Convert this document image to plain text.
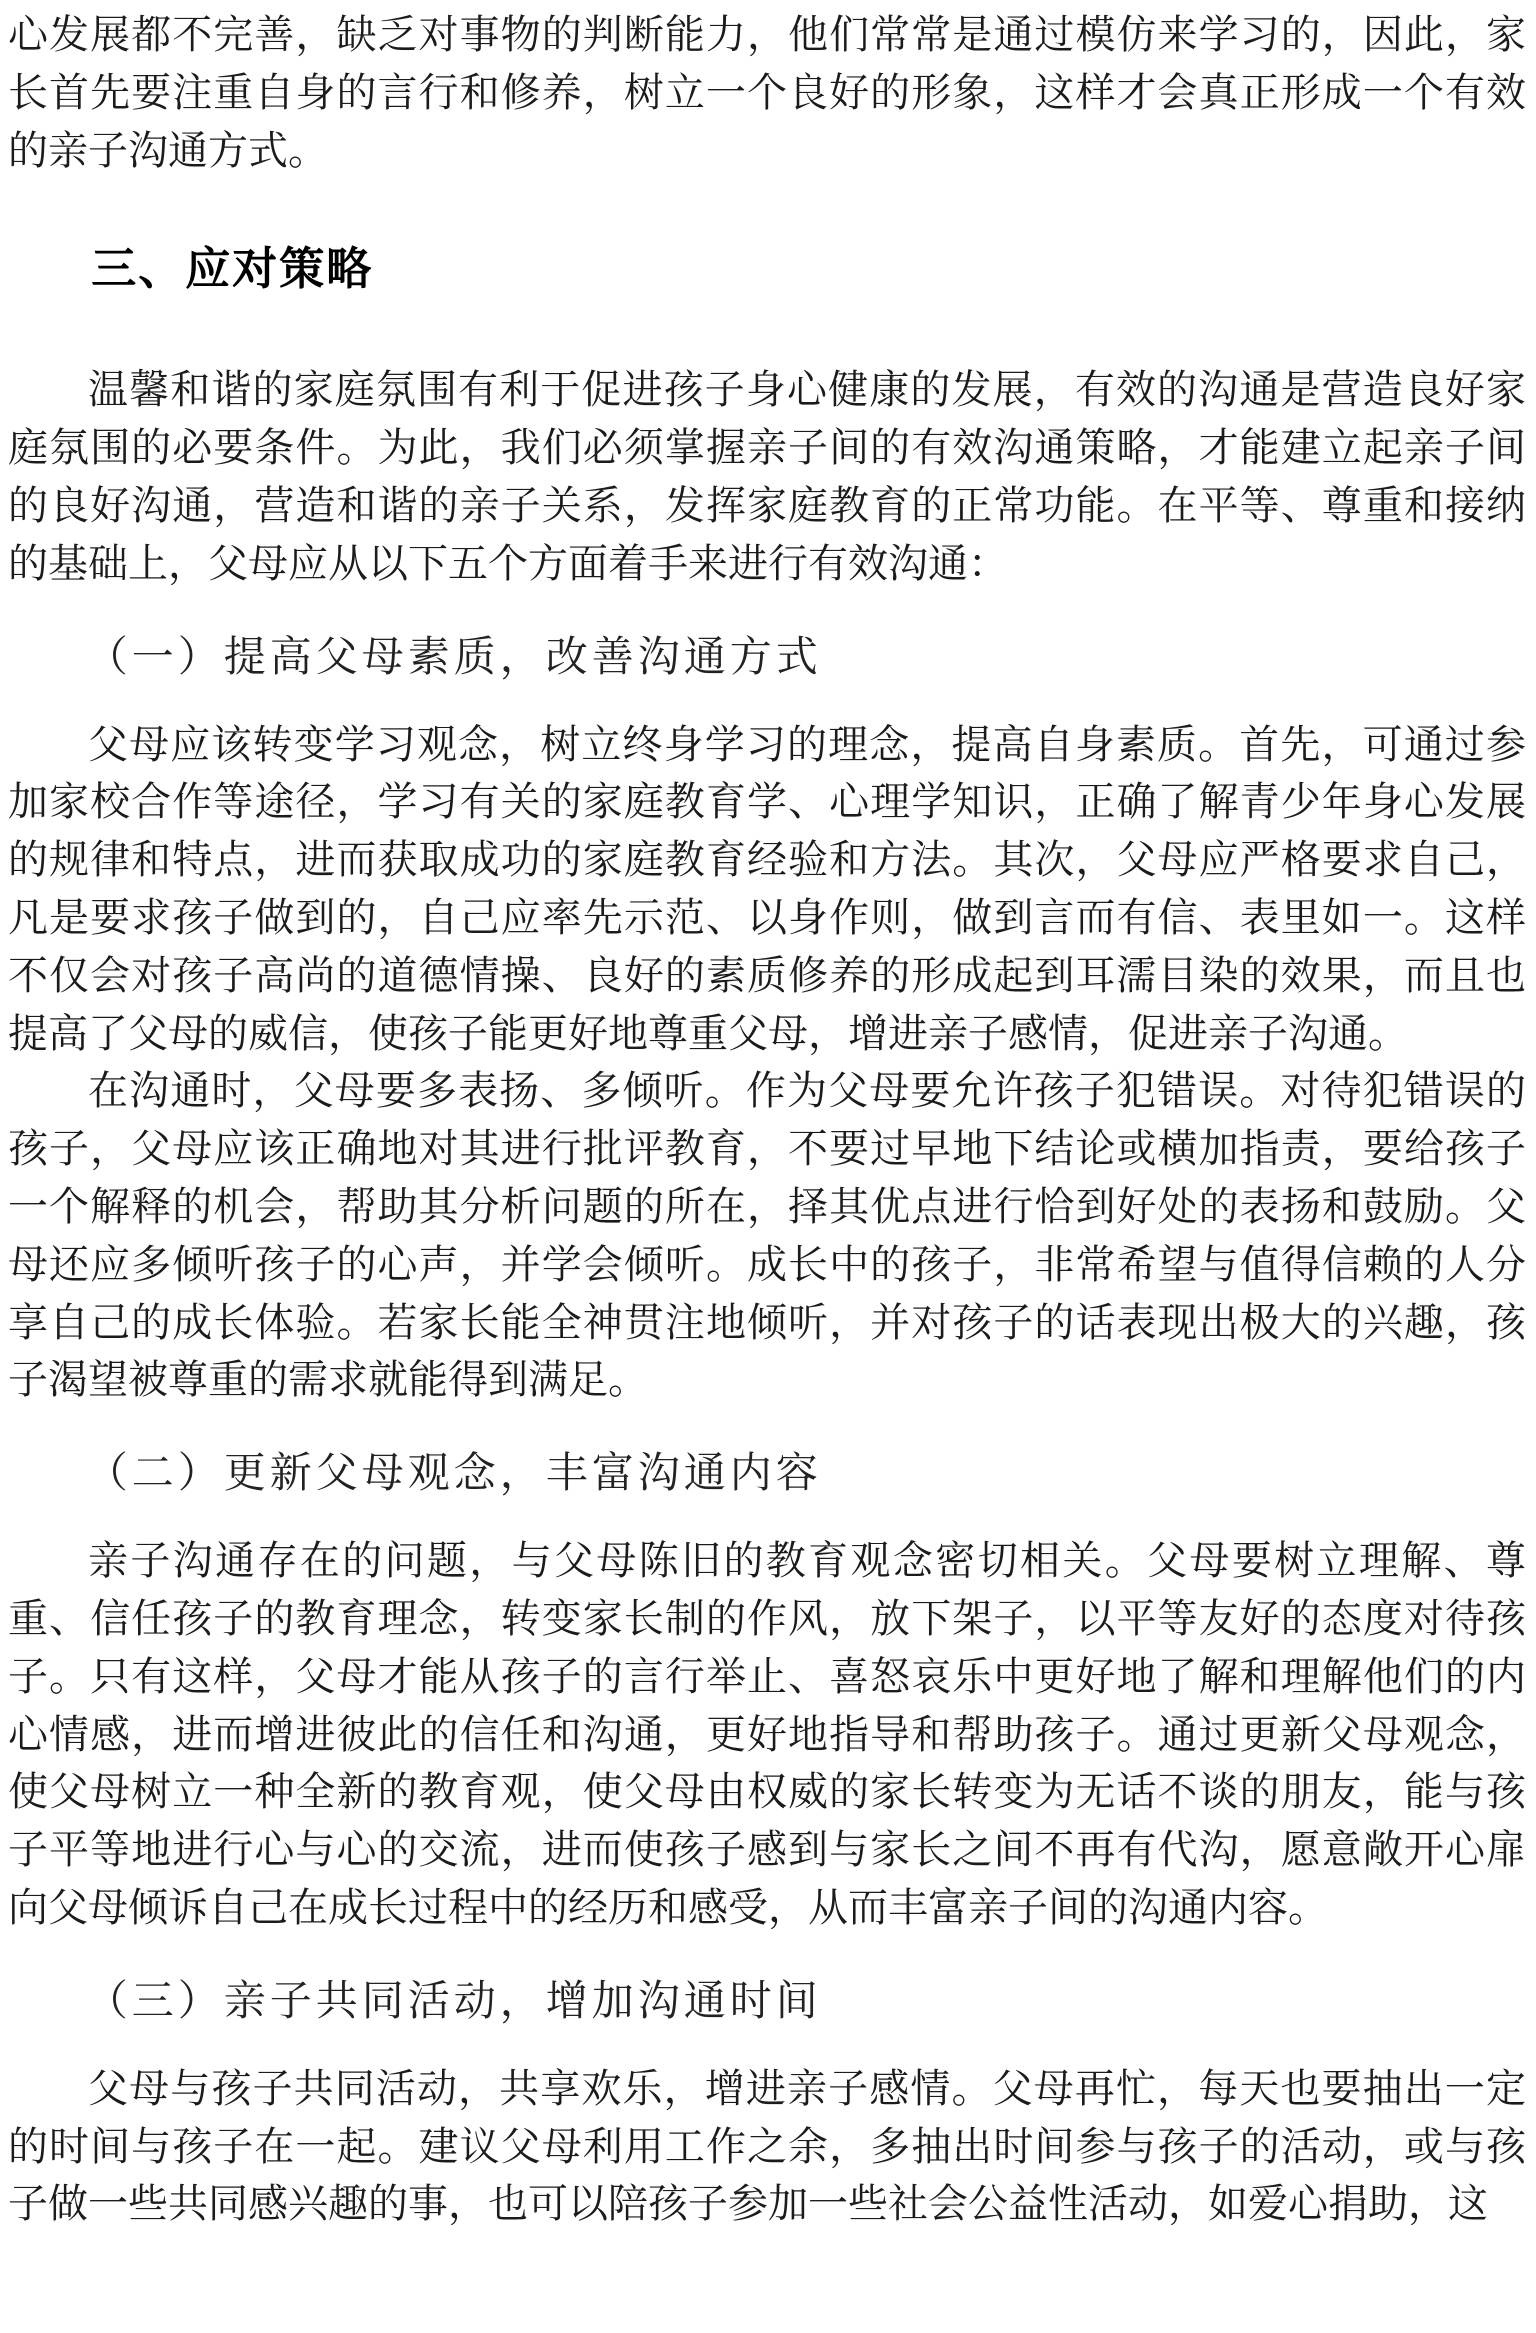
心发展都不完善，缺乏对事物的判断能力，他们常常是通过模仿来学习的，因此，家长首先要注重自身的言行和修养，树立一个良好的形象，这样才会真正形成一个有效的亲子沟通方式。

三、应对策略

温馨和谐的家庭氛围有利于促进孩子身心健康的发展，有效的沟通是营造良好家庭氛围的必要条件。为此，我们必须掌握亲子间的有效沟通策略，才能建立起亲子间的良好沟通，营造和谐的亲子关系，发挥家庭教育的正常功能。在平等、尊重和接纳的基础上，父母应从以下五个方面着手来进行有效沟通：

（一）提高父母素质，改善沟通方式

父母应该转变学习观念，树立终身学习的理念，提高自身素质。首先，可通过参加家校合作等途径，学习有关的家庭教育学、心理学知识，正确了解青少年身心发展的规律和特点，进而获取成功的家庭教育经验和方法。其次，父母应严格要求自己，凡是要求孩子做到的，自己应率先示范、以身作则，做到言而有信、表里如一。这样不仅会对孩子高尚的道德情操、良好的素质修养的形成起到耳濡目染的效果，而且也提高了父母的威信，使孩子能更好地尊重父母，增进亲子感情，促进亲子沟通。

在沟通时，父母要多表扬、多倾听。作为父母要允许孩子犯错误。对待犯错误的孩子，父母应该正确地对其进行批评教育，不要过早地下结论或横加指责，要给孩子一个解释的机会，帮助其分析问题的所在，择其优点进行恰到好处的表扬和鼓励。父母还应多倾听孩子的心声，并学会倾听。成长中的孩子，非常希望与值得信赖的人分享自己的成长体验。若家长能全神贯注地倾听，并对孩子的话表现出极大的兴趣，孩子渴望被尊重的需求就能得到满足。

（二）更新父母观念，丰富沟通内容

亲子沟通存在的问题，与父母陈旧的教育观念密切相关。父母要树立理解、尊重、信任孩子的教育理念，转变家长制的作风，放下架子，以平等友好的态度对待孩子。只有这样，父母才能从孩子的言行举止、喜怒哀乐中更好地了解和理解他们的内心情感，进而增进彼此的信任和沟通，更好地指导和帮助孩子。通过更新父母观念，使父母树立一种全新的教育观，使父母由权威的家长转变为无话不谈的朋友，能与孩子平等地进行心与心的交流，进而使孩子感到与家长之间不再有代沟，愿意敞开心扉向父母倾诉自己在成长过程中的经历和感受，从而丰富亲子间的沟通内容。

（三）亲子共同活动，增加沟通时间

父母与孩子共同活动，共享欢乐，增进亲子感情。父母再忙，每天也要抽出一定的时间与孩子在一起。建议父母利用工作之余，多抽出时间参与孩子的活动，或与孩子做一些共同感兴趣的事，也可以陪孩子参加一些社会公益性活动，如爱心捐助，这
